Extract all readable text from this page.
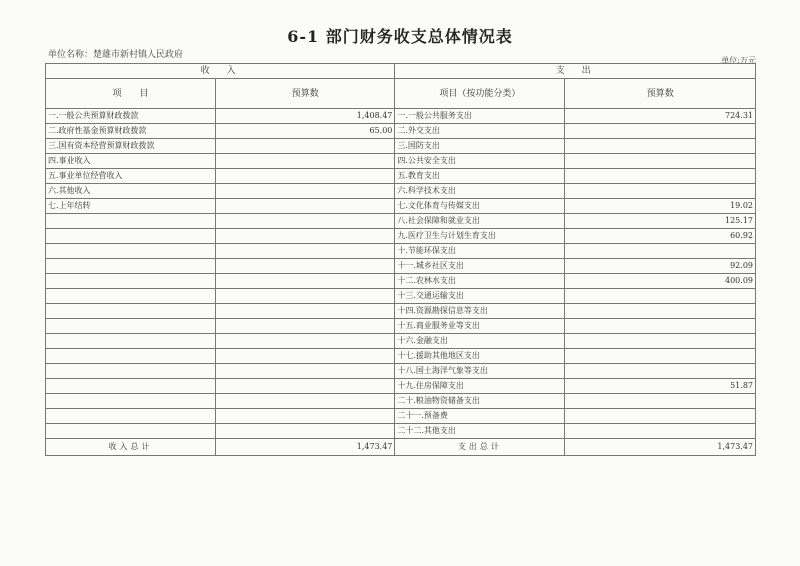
6-1 部门财务收支总体情况表
单位名称：楚雄市新村镇人民政府
单位:万元
收　入		支　出	
项　　目	预算数	项目（按功能分类）	预算数
一.一般公共预算财政拨款	1,408.47	一.一般公共服务支出	724.31
二.政府性基金预算财政拨款	65.00	二.外交支出	
三.国有资本经营预算财政拨款		三.国防支出	
四.事业收入		四.公共安全支出	
五.事业单位经营收入		五.教育支出	
六.其他收入		六.科学技术支出	
七.上年结转		七.文化体育与传媒支出	19.02
		八.社会保障和就业支出	125.17
		九.医疗卫生与计划生育支出	60.92
		十.节能环保支出	
		十一.城乡社区支出	92.09
		十二.农林水支出	400.09
		十三.交通运输支出	
		十四.资源勘探信息等支出	
		十五.商业服务业等支出	
		十六.金融支出	
		十七.援助其他地区支出	
		十八.国土海洋气象等支出	
		十九.住房保障支出	51.87
		二十.粮油物资储备支出	
		二十一.预备费	
		二十二.其他支出	
收入总计	1,473.47	支出总计	1,473.47
